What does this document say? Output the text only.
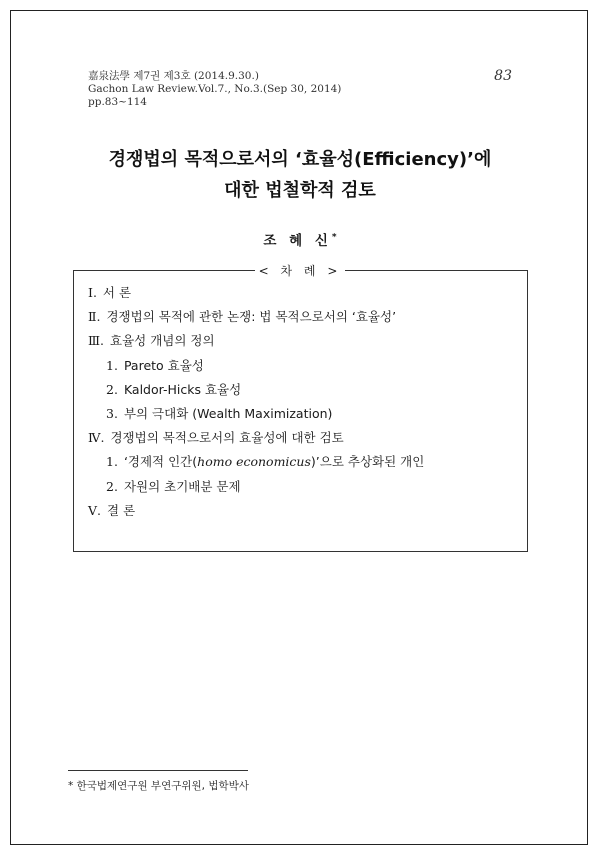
嘉泉法學 제7권 제3호 (2014.9.30.)
Gachon Law Review.Vol.7., No.3.(Sep 30, 2014)
pp.83~114
83
경쟁법의 목적으로서의 ‘효율성(Efficiency)’에
대한 법철학적 검토
조 혜 신*
< 차 례 >
Ⅰ. 서 론
Ⅱ. 경쟁법의 목적에 관한 논쟁: 법 목적으로서의 ‘효율성’
Ⅲ. 효율성 개념의 정의
1. Pareto 효율성
2. Kaldor-Hicks 효율성
3. 부의 극대화 (Wealth Maximization)
Ⅳ. 경쟁법의 목적으로서의 효율성에 대한 검토
1. ‘경제적 인간(homo economicus)’으로 추상화된 개인
2. 자원의 초기배분 문제
Ⅴ. 결 론
* 한국법제연구원 부연구위원, 법학박사
